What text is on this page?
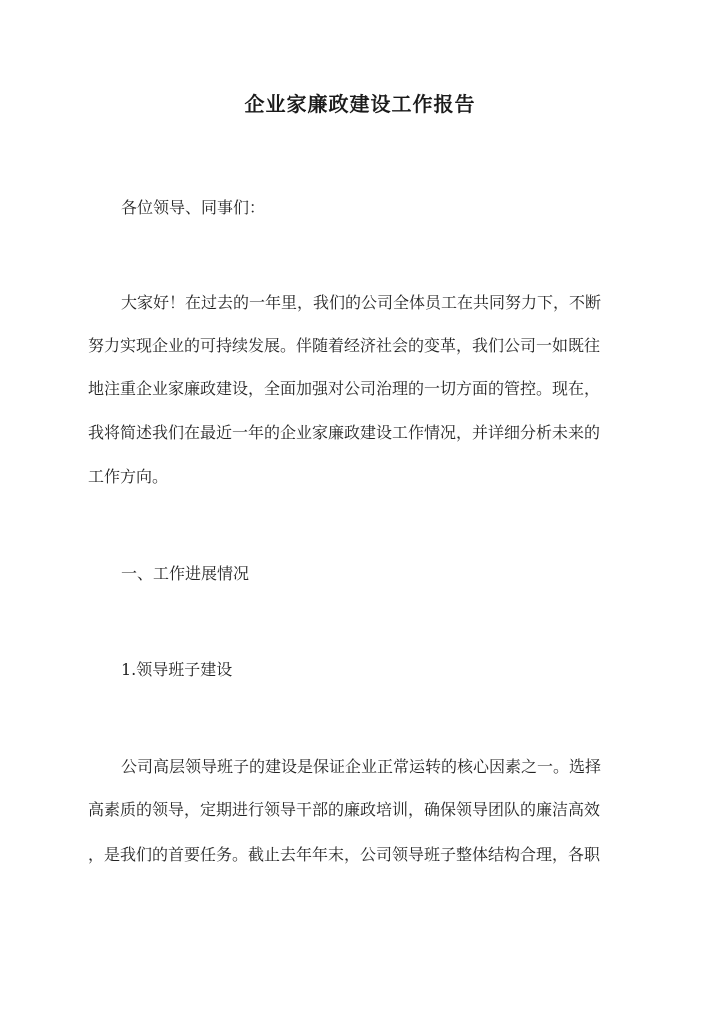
企业家廉政建设工作报告
各位领导、同事们：
大家好！在过去的一年里，我们的公司全体员工在共同努力下，不断
努力实现企业的可持续发展。伴随着经济社会的变革，我们公司一如既往
地注重企业家廉政建设，全面加强对公司治理的一切方面的管控。现在，
我将简述我们在最近一年的企业家廉政建设工作情况，并详细分析未来的
工作方向。
一、工作进展情况
1.领导班子建设
公司高层领导班子的建设是保证企业正常运转的核心因素之一。选择
高素质的领导，定期进行领导干部的廉政培训，确保领导团队的廉洁高效
，是我们的首要任务。截止去年年末，公司领导班子整体结构合理，各职
